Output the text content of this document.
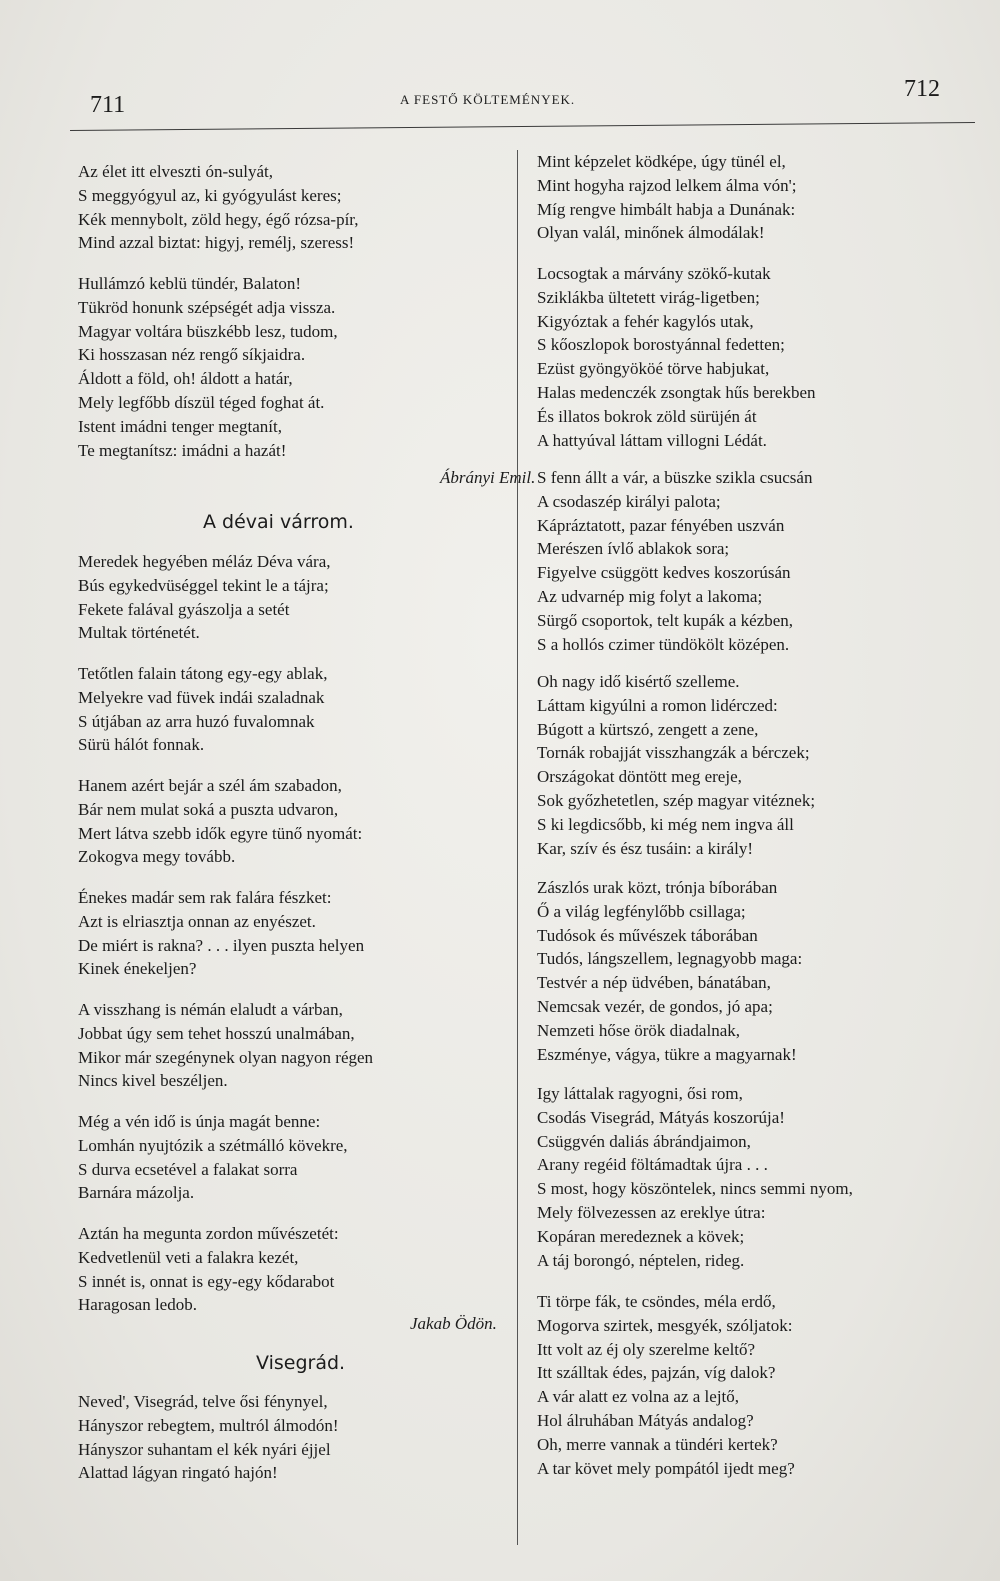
711	A FESTŐ KÖLTEMÉNYEK.	712
Az élet itt elveszti ón-sulyát,
S meggyógyul az, ki gyógyulást keres;
Kék mennybolt, zöld hegy, égő rózsa-pír,
Mind azzal biztat: higyj, remélj, szeress!
Hullámzó keblü tündér, Balaton!
Tükröd honunk szépségét adja vissza.
Magyar voltára büszkébb lesz, tudom,
Ki hosszasan néz rengő síkjaidra.
Áldott a föld, oh! áldott a határ,
Mely legfőbb díszül téged foghat át.
Istent imádni tenger megtanít,
Te megtanítsz: imádni a hazát!
Ábrányi Emil.
A dévai várrom.
Meredek hegyében méláz Déva vára,
Bús egykedvüséggel tekint le a tájra;
Fekete falával gyászolja a setét
Multak történetét.
Tetőtlen falain tátong egy-egy ablak,
Melyekre vad füvek indái szaladnak
S útjában az arra huzó fuvalomnak
Sürü hálót fonnak.
Hanem azért bejár a szél ám szabadon,
Bár nem mulat soká a puszta udvaron,
Mert látva szebb idők egyre tünő nyomát:
Zokogva megy tovább.
Énekes madár sem rak falára fészket:
Azt is elriasztja onnan az enyészet.
De miért is rakna? . . . ilyen puszta helyen
Kinek énekeljen?
A visszhang is némán elaludt a várban,
Jobbat úgy sem tehet hosszú unalmában,
Mikor már szegénynek olyan nagyon régen
Nincs kivel beszéljen.
Még a vén idő is únja magát benne:
Lomhán nyujtózik a szétmálló kövekre,
S durva ecsetével a falakat sorra
Barnára mázolja.
Aztán ha megunta zordon művészetét:
Kedvetlenül veti a falakra kezét,
S innét is, onnat is egy-egy kődarabot
Haragosan ledob.
Jakab Ödön.
Visegrád.
Neved', Visegrád, telve ősi fénynyel,
Hányszor rebegtem, multról álmodón!
Hányszor suhantam el kék nyári éjjel
Alattad lágyan ringató hajón!
Mint képzelet ködképe, úgy tünél el,
Mint hogyha rajzod lelkem álma vón';
Míg rengve himbált habja a Dunának:
Olyan valál, minőnek álmodálak!
Locsogtak a márvány szökő-kutak
Sziklákba ültetett virág-ligetben;
Kigyóztak a fehér kagylós utak,
S kőoszlopok borostyánnal fedetten;
Ezüst gyöngyököé törve habjukat,
Halas medenczék zsongtak hűs berekben
És illatos bokrok zöld sürüjén át
A hattyúval láttam villogni Lédát.
S fenn állt a vár, a büszke szikla csucsán
A csodaszép királyi palota;
Kápráztatott, pazar fényében uszván
Merészen ívlő ablakok sora;
Figyelve csüggött kedves koszorúsán
Az udvarnép mig folyt a lakoma;
Sürgő csoportok, telt kupák a kézben,
S a hollós czimer tündökölt középen.
Oh nagy idő kisértő szelleme.
Láttam kigyúlni a romon lidérczed:
Búgott a kürtszó, zengett a zene,
Tornák robajját visszhangzák a bérczek;
Országokat döntött meg ereje,
Sok győzhetetlen, szép magyar vitéznek;
S ki legdicsőbb, ki még nem ingva áll
Kar, szív és ész tusáin: a király!
Zászlós urak közt, trónja bíborában
Ő a világ legfénylőbb csillaga;
Tudósok és művészek táborában
Tudós, lángszellem, legnagyobb maga:
Testvér a nép üdvében, bánatában,
Nemcsak vezér, de gondos, jó apa;
Nemzeti hőse örök diadalnak,
Eszménye, vágya, tükre a magyarnak!
Igy láttalak ragyogni, ősi rom,
Csodás Visegrád, Mátyás koszorúja!
Csüggvén daliás ábrándjaimon,
Arany regéid föltámadtak újra . . .
S most, hogy köszöntelek, nincs semmi nyom,
Mely fölvezessen az ereklye útra:
Kopáran meredeznek a kövek;
A táj borongó, néptelen, rideg.
Ti törpe fák, te csöndes, méla erdő,
Mogorva szirtek, mesgyék, szóljatok:
Itt volt az éj oly szerelme keltő?
Itt szálltak édes, pajzán, víg dalok?
A vár alatt ez volna az a lejtő,
Hol álruhában Mátyás andalog?
Oh, merre vannak a tündéri kertek?
A tar követ mely pompától ijedt meg?
